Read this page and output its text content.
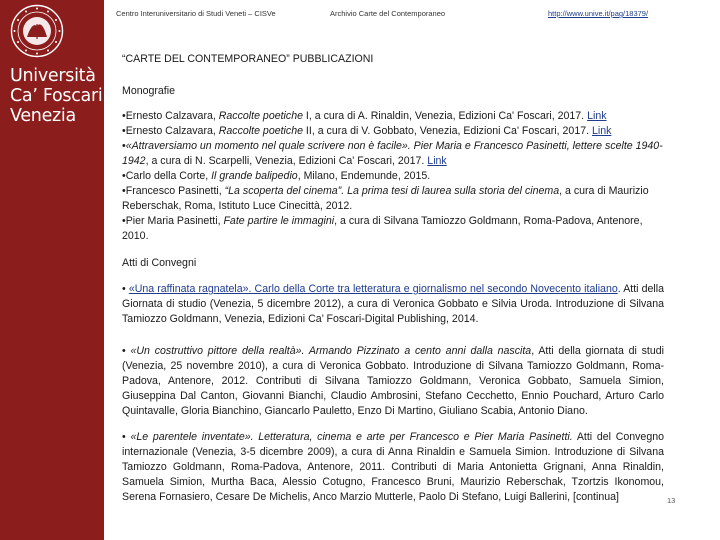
Università
Ca’ Foscari
Venezia
Centro Interuniversitario di Studi Veneti – CISVe	Archivio Carte del Contemporaneo	http://www.unive.it/pag/18379/
“CARTE DEL CONTEMPORANEO” PUBBLICAZIONI
Monografie

•Ernesto Calzavara, Raccolte poetiche I, a cura di A. Rinaldin, Venezia, Edizioni Ca' Foscari, 2017. Link

•Ernesto Calzavara, Raccolte poetiche II, a cura di V. Gobbato, Venezia, Edizioni Ca' Foscari, 2017. Link

•«Attraversiamo un momento nel quale scrivere non è facile». Pier Maria e Francesco Pasinetti, lettere scelte 1940-1942, a cura di N. Scarpelli, Venezia, Edizioni Ca' Foscari, 2017. Link

•Carlo della Corte, Il grande balipedio, Milano, Endemunde, 2015.

•Francesco Pasinetti, “La scoperta del cinema”. La prima tesi di laurea sulla storia del cinema, a cura di Maurizio Reberschak, Roma, Istituto Luce Cinecittà, 2012.

•Pier Maria Pasinetti, Fate partire le immagini, a cura di Silvana Tamiozzo Goldmann, Roma-Padova, Antenore, 2010.

Atti di Convegni

• «Una raffinata ragnatela». Carlo della Corte tra letteratura e giornalismo nel secondo Novecento italiano. Atti della Giornata di studio (Venezia, 5 dicembre 2012), a cura di Veronica Gobbato e Silvia Uroda. Introduzione di Silvana Tamiozzo Goldmann, Venezia, Edizioni Ca’ Foscari-Digital Publishing, 2014.

• «Un costruttivo pittore della realtà». Armando Pizzinato a cento anni dalla nascita, Atti della giornata di studi (Venezia, 25 novembre 2010), a cura di Veronica Gobbato. Introduzione di Silvana Tamiozzo Goldmann, Roma-Padova, Antenore, 2012. Contributi di Silvana Tamiozzo Goldmann, Veronica Gobbato, Samuela Simion, Giuseppina Dal Canton, Giovanni Bianchi, Claudio Ambrosini, Stefano Cecchetto, Ennio Pouchard, Arturo Carlo Quintavalle, Gloria Bianchino, Giancarlo Pauletto, Enzo Di Martino, Giuliano Scabia, Antonio Diano.

• «Le parentele inventate». Letteratura, cinema e arte per Francesco e Pier Maria Pasinetti. Atti del Convegno internazionale (Venezia, 3-5 dicembre 2009), a cura di Anna Rinaldin e Samuela Simion. Introduzione di Silvana Tamiozzo Goldmann, Roma-Padova, Antenore, 2011. Contributi di Maria Antonietta Grignani, Anna Rinaldin, Samuela Simion, Murtha Baca, Alessio Cotugno, Francesco Bruni, Maurizio Reberschak, Tzortzis Ikonomou, Serena Fornasiero, Cesare De Michelis, Anco Marzio Mutterle, Paolo Di Stefano, Luigi Ballerini, [continua]	13
